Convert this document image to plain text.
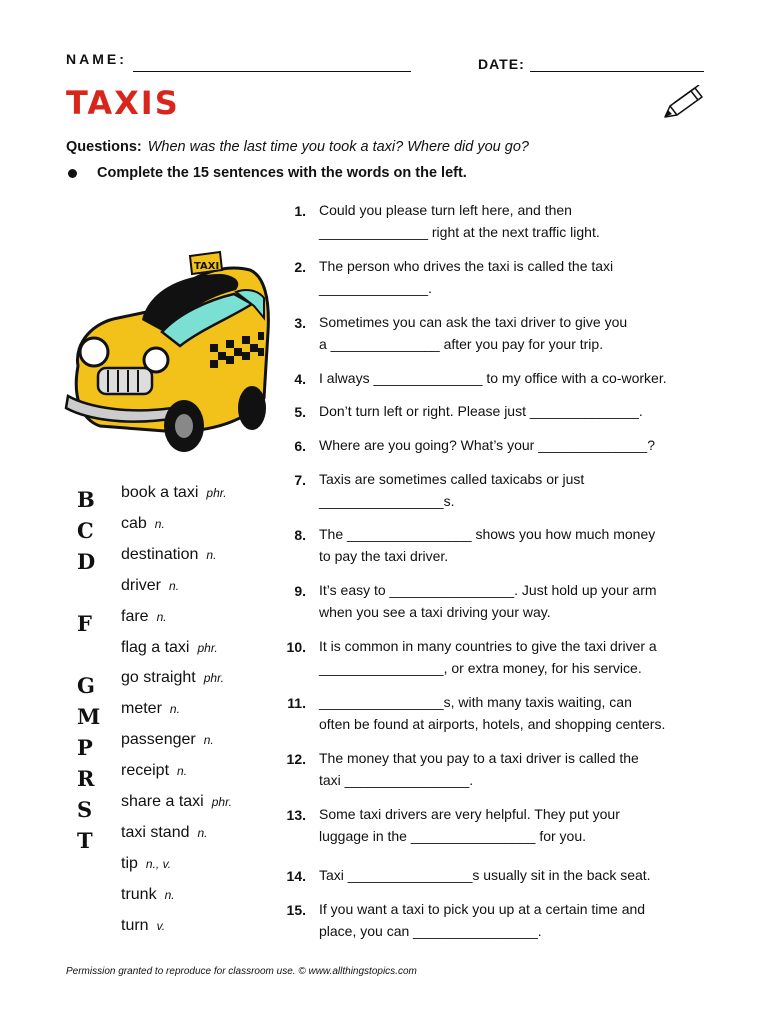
NAME:	DATE:
TAXIS
Questions: When was the last time you took a taxi? Where did you go?
Complete the 15 sentences with the words on the left.
TAXI
B
C
D
F
G
M
P
R
S
T
book a taxi phr.
cab n.
destination n.
driver n.
fare n.
flag a taxi phr.
go straight phr.
meter n.
passenger n.
receipt n.
share a taxi phr.
taxi stand n.
tip n., v.
trunk n.
turn v.
1. Could you please turn left here, and then
______________ right at the next traffic light.
2. The person who drives the taxi is called the taxi
______________.
3. Sometimes you can ask the taxi driver to give you
a ______________ after you pay for your trip.
4. I always ______________ to my office with a co-worker.
5. Don’t turn left or right. Please just ______________.
6. Where are you going? What’s your ______________?
7. Taxis are sometimes called taxicabs or just
________________s.
8. The ________________ shows you how much money
to pay the taxi driver.
9. It’s easy to ________________. Just hold up your arm
when you see a taxi driving your way.
10. It is common in many countries to give the taxi driver a
________________, or extra money, for his service.
11. ________________s, with many taxis waiting, can
often be found at airports, hotels, and shopping centers.
12. The money that you pay to a taxi driver is called the
taxi ________________.
13. Some taxi drivers are very helpful. They put your
luggage in the ________________ for you.
14. Taxi ________________s usually sit in the back seat.
15. If you want a taxi to pick you up at a certain time and
place, you can ________________.
Permission granted to reproduce for classroom use. © www.allthingstopics.com
